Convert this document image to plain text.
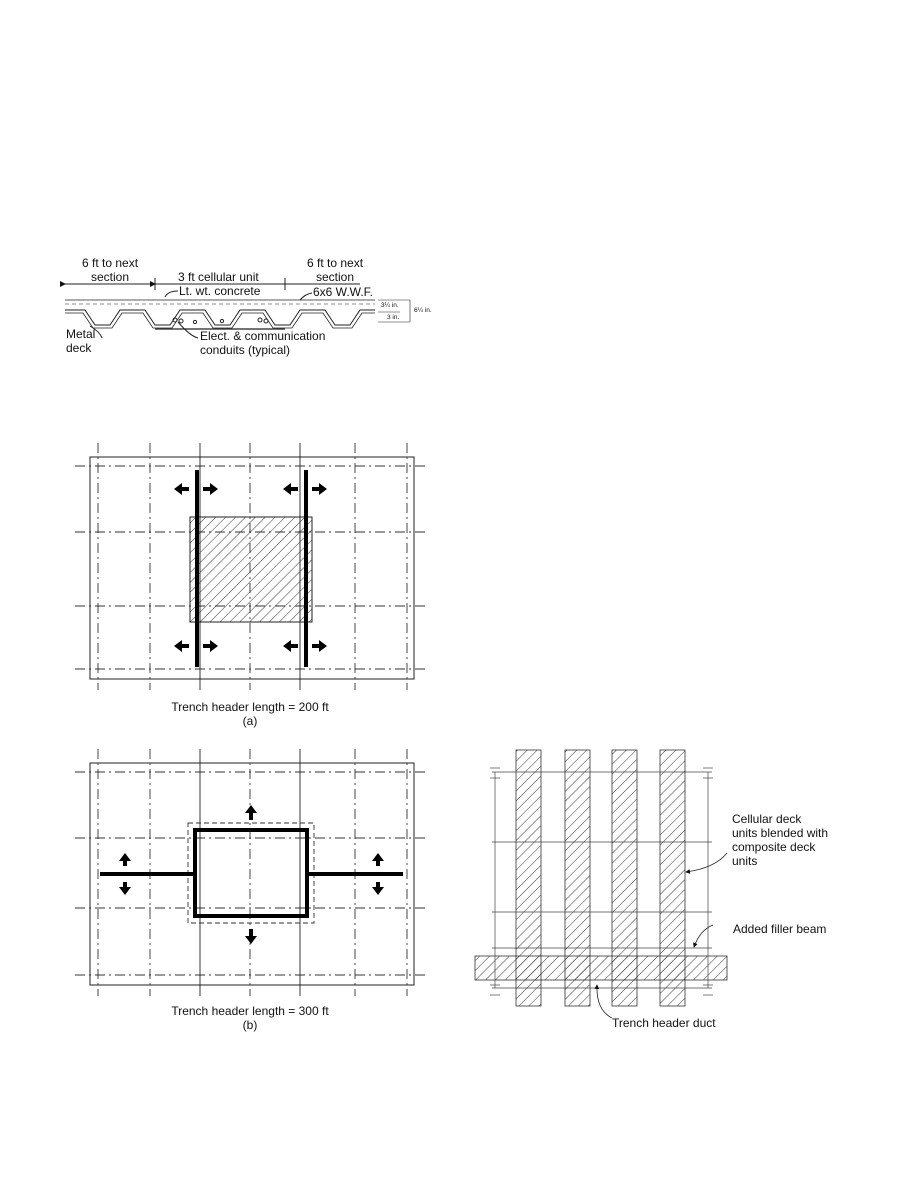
6 ft to next
section	3 ft cellular unit
6 ft to next
section
Lt. wt. concrete	6x6 W.W.F.
Metal
deck
Elect. & communication
conduits (typical)
3¼ in.
3 in.
6¼ in.
Trench header length = 200 ft
(a)
Trench header length = 300 ft
(b)
Cellular deck
units blended with
composite deck
units
Added filler beam
Trench header duct
